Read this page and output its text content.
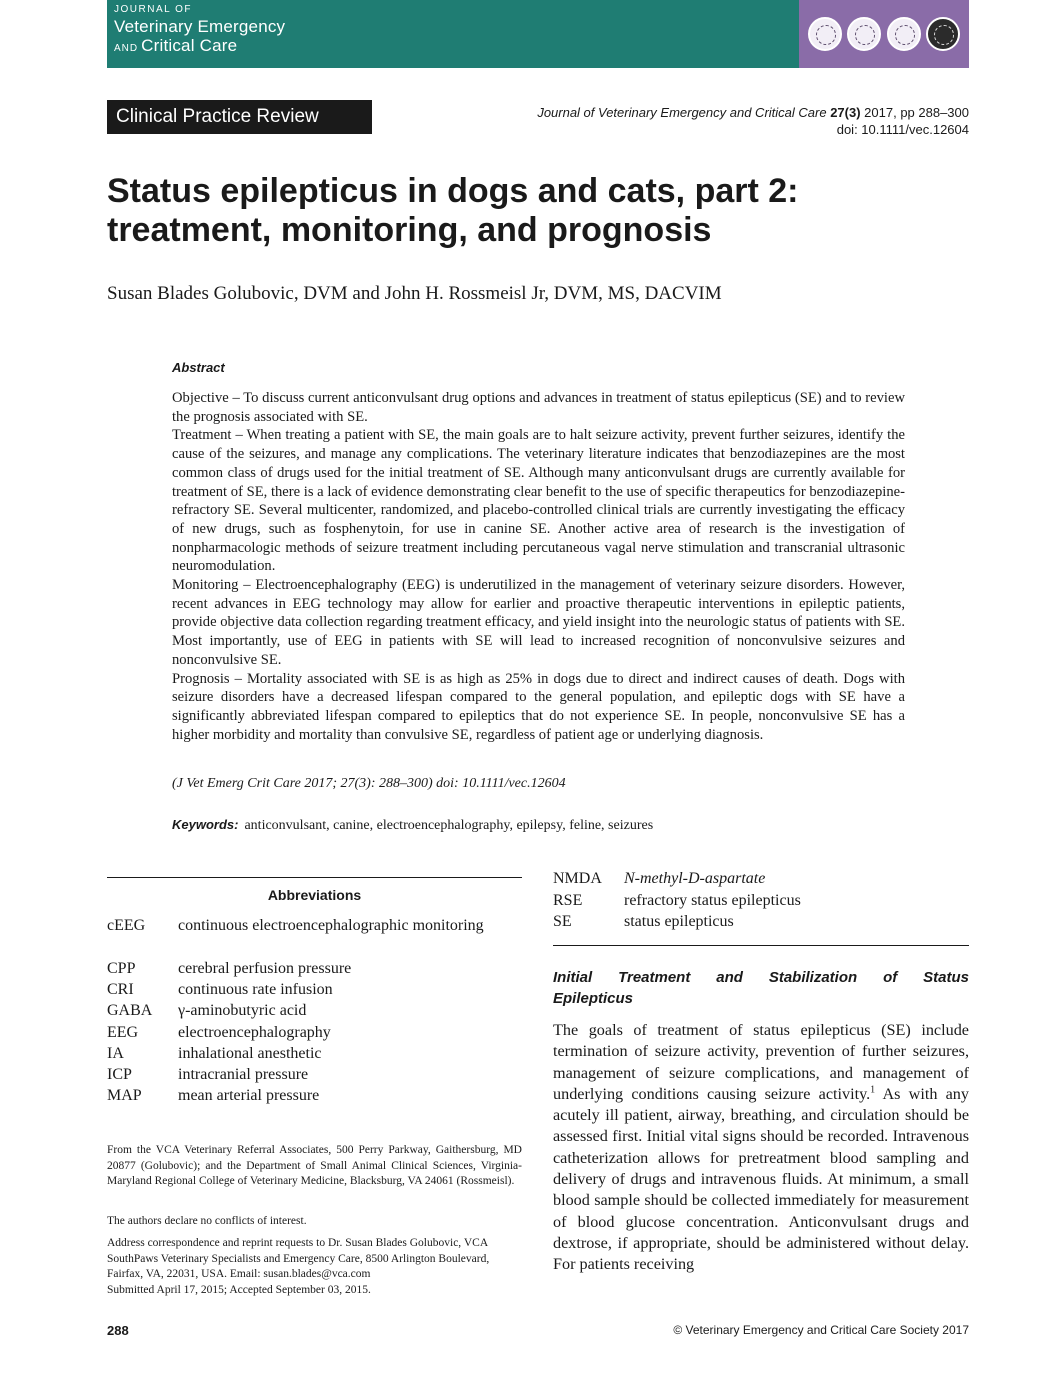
JOURNAL OF
Veterinary Emergency
AND Critical Care
Clinical Practice Review	Journal of Veterinary Emergency and Critical Care 27(3) 2017, pp 288–300
doi: 10.1111/vec.12604
Status epilepticus in dogs and cats, part 2:
treatment, monitoring, and prognosis
Susan Blades Golubovic, DVM and John H. Rossmeisl Jr, DVM, MS, DACVIM
Abstract

Objective – To discuss current anticonvulsant drug options and advances in treatment of status epilepticus (SE) and to review the prognosis associated with SE.

Treatment – When treating a patient with SE, the main goals are to halt seizure activity, prevent further seizures, identify the cause of the seizures, and manage any complications. The veterinary literature indicates that benzodiazepines are the most common class of drugs used for the initial treatment of SE. Although many anticonvulsant drugs are currently available for treatment of SE, there is a lack of evidence demonstrating clear benefit to the use of specific therapeutics for benzodiazepine-refractory SE. Several multicenter, randomized, and placebo-controlled clinical trials are currently investigating the efficacy of new drugs, such as fosphenytoin, for use in canine SE. Another active area of research is the investigation of nonpharmacologic methods of seizure treatment including percutaneous vagal nerve stimulation and transcranial ultrasonic neuromodulation.

Monitoring – Electroencephalography (EEG) is underutilized in the management of veterinary seizure disorders. However, recent advances in EEG technology may allow for earlier and proactive therapeutic interventions in epileptic patients, provide objective data collection regarding treatment efficacy, and yield insight into the neurologic status of patients with SE. Most importantly, use of EEG in patients with SE will lead to increased recognition of nonconvulsive seizures and nonconvulsive SE.

Prognosis – Mortality associated with SE is as high as 25% in dogs due to direct and indirect causes of death. Dogs with seizure disorders have a decreased lifespan compared to the general population, and epileptic dogs with SE have a significantly abbreviated lifespan compared to epileptics that do not experience SE. In people, nonconvulsive SE has a higher morbidity and mortality than convulsive SE, regardless of patient age or underlying diagnosis.

(J Vet Emerg Crit Care 2017; 27(3): 288–300) doi: 10.1111/vec.12604
Keywords: anticonvulsant, canine, electroencephalography, epilepsy, feline, seizures
Abbreviations
cEEG continuous electroencephalographic monitoring
CPP	cerebral perfusion pressure
CRI	continuous rate infusion
GABA γ-aminobutyric acid
EEG electroencephalography
IA	inhalational anesthetic
ICP	intracranial pressure
MAP mean arterial pressure
NMDA N-methyl-D-aspartate
RSE	refractory status epilepticus
SE	status epilepticus
From the VCA Veterinary Referral Associates, 500 Perry Parkway, Gaithersburg, MD 20877 (Golubovic); and the Department of Small Animal Clinical Sciences, Virginia-Maryland Regional College of Veterinary Medicine, Blacksburg, VA 24061 (Rossmeisl).
The authors declare no conflicts of interest.
Address correspondence and reprint requests to Dr. Susan Blades Golubovic, VCA SouthPaws Veterinary Specialists and Emergency Care, 8500 Arlington Boulevard, Fairfax, VA, 22031, USA. Email: susan.blades@vca.com
Submitted April 17, 2015; Accepted September 03, 2015.
Initial Treatment and Stabilization of Status
Epilepticus
The goals of treatment of status epilepticus (SE) include termination of seizure activity, prevention of further seizures, management of seizure complications, and management of underlying conditions causing seizure activity.$^1$ As with any acutely ill patient, airway, breathing, and circulation should be assessed first. Initial vital signs should be recorded. Intravenous catheterization allows for pretreatment blood sampling and delivery of drugs and intravenous fluids. At minimum, a small blood sample should be collected immediately for measurement of blood glucose concentration. Anticonvulsant drugs and dextrose, if appropriate, should be administered without delay. For patients receiving
288	© Veterinary Emergency and Critical Care Society 2017
